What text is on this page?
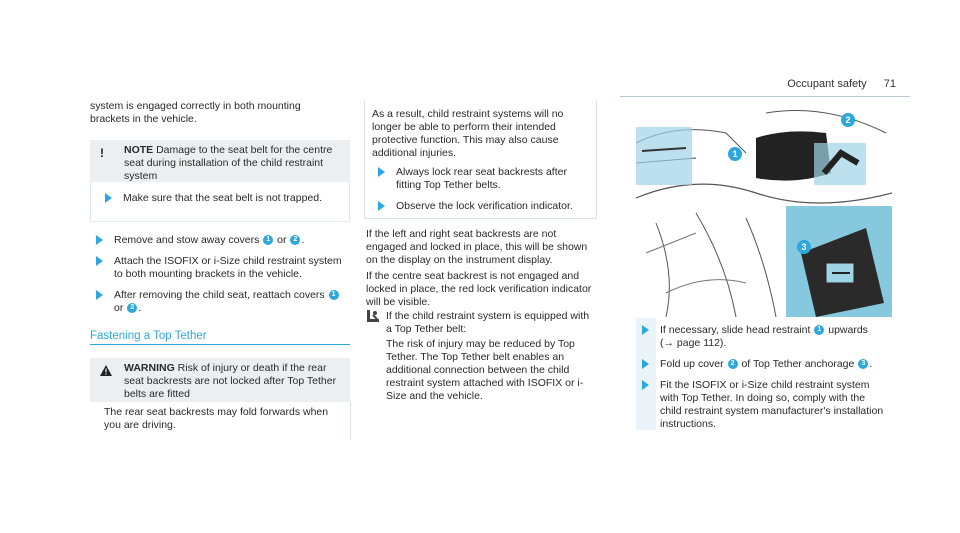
Occupant safety 71
system is engaged correctly in both mounting brackets in the vehicle.
! NOTE Damage to the seat belt for the centre seat during installation of the child restraint system
Make sure that the seat belt is not trapped.
Remove and stow away covers 1 or 2 .
Attach the ISOFIX or i-Size child restraint system to both mounting brackets in the vehicle.
After removing the child seat, reattach covers 1 or 2 .
Fastening a Top Tether
WARNING Risk of injury or death if the rear seat backrests are not locked after Top Tether belts are fitted
The rear seat backrests may fold forwards when you are driving.
As a result, child restraint systems will no longer be able to perform their intended protective function. This may also cause additional injuries.
Always lock rear seat backrests after fitting Top Tether belts.
Observe the lock verification indicator.
If the left and right seat backrests are not engaged and locked in place, this will be shown on the display on the instrument display.
If the centre seat backrest is not engaged and locked in place, the red lock verification indicator will be visible.
If the child restraint system is equipped with a Top Tether belt:
The risk of injury may be reduced by Top Tether. The Top Tether belt enables an additional connection between the child restraint system attached with ISOFIX or i-Size and the vehicle.
1
2
3
If necessary, slide head restraint 1 upwards
(→ page 112).
Fold up cover 2 of Top Tether anchorage 3 .
Fit the ISOFIX or i-Size child restraint system with Top Tether. In doing so, comply with the child restraint system manufacturer's installation instructions.
